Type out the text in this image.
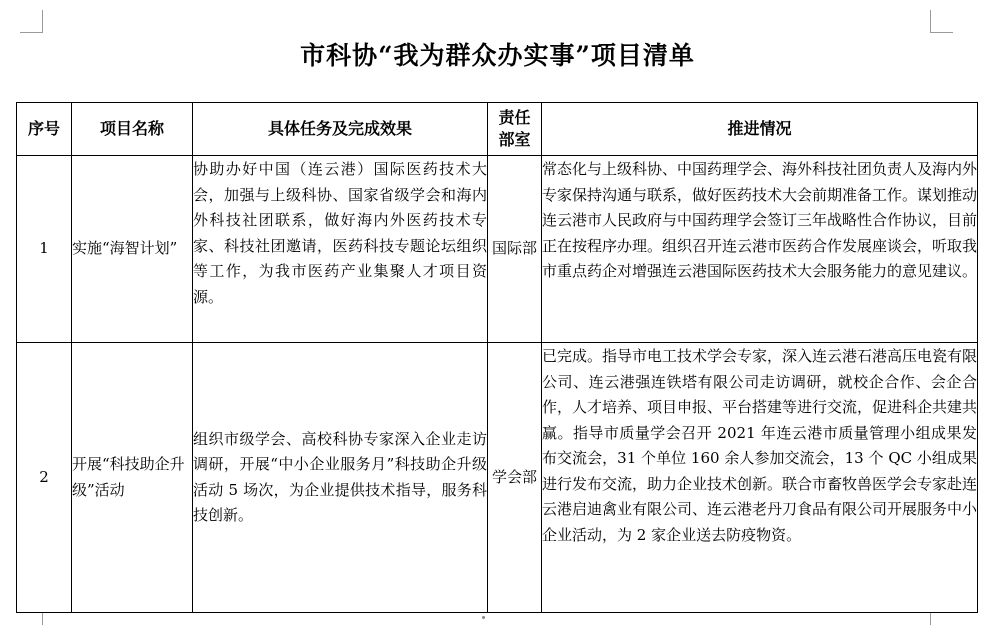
市科协“我为群众办实事”项目清单
序号	项目名称	具体任务及完成效果	责任部室	推进情况
1	实施“海智计划”	协助办好中国（连云港）国际医药技术大会，加强与上级科协、国家省级学会和海内外科技社团联系，做好海内外医药技术专家、科技社团邀请，医药科技专题论坛组织等工作，为我市医药产业集聚人才项目资源。	国际部	常态化与上级科协、中国药理学会、海外科技社团负责人及海内外专家保持沟通与联系，做好医药技术大会前期准备工作。谋划推动连云港市人民政府与中国药理学会签订三年战略性合作协议，目前正在按程序办理。组织召开连云港市医药合作发展座谈会，听取我市重点药企对增强连云港国际医药技术大会服务能力的意见建议。
2	开展“科技助企升级”活动	组织市级学会、高校科协专家深入企业走访调研，开展“中小企业服务月”科技助企升级活动 5 场次，为企业提供技术指导，服务科技创新。	学会部	已完成。指导市电工技术学会专家，深入连云港石港高压电瓷有限公司、连云港强连铁塔有限公司走访调研，就校企合作、会企合作，人才培养、项目申报、平台搭建等进行交流，促进科企共建共赢。指导市质量学会召开 2021 年连云港市质量管理小组成果发布交流会，31 个单位 160 余人参加交流会，13 个 QC 小组成果进行发布交流，助力企业技术创新。联合市畜牧兽医学会专家赴连云港启迪禽业有限公司、连云港老丹刀食品有限公司开展服务中小企业活动，为 2 家企业送去防疫物资。
